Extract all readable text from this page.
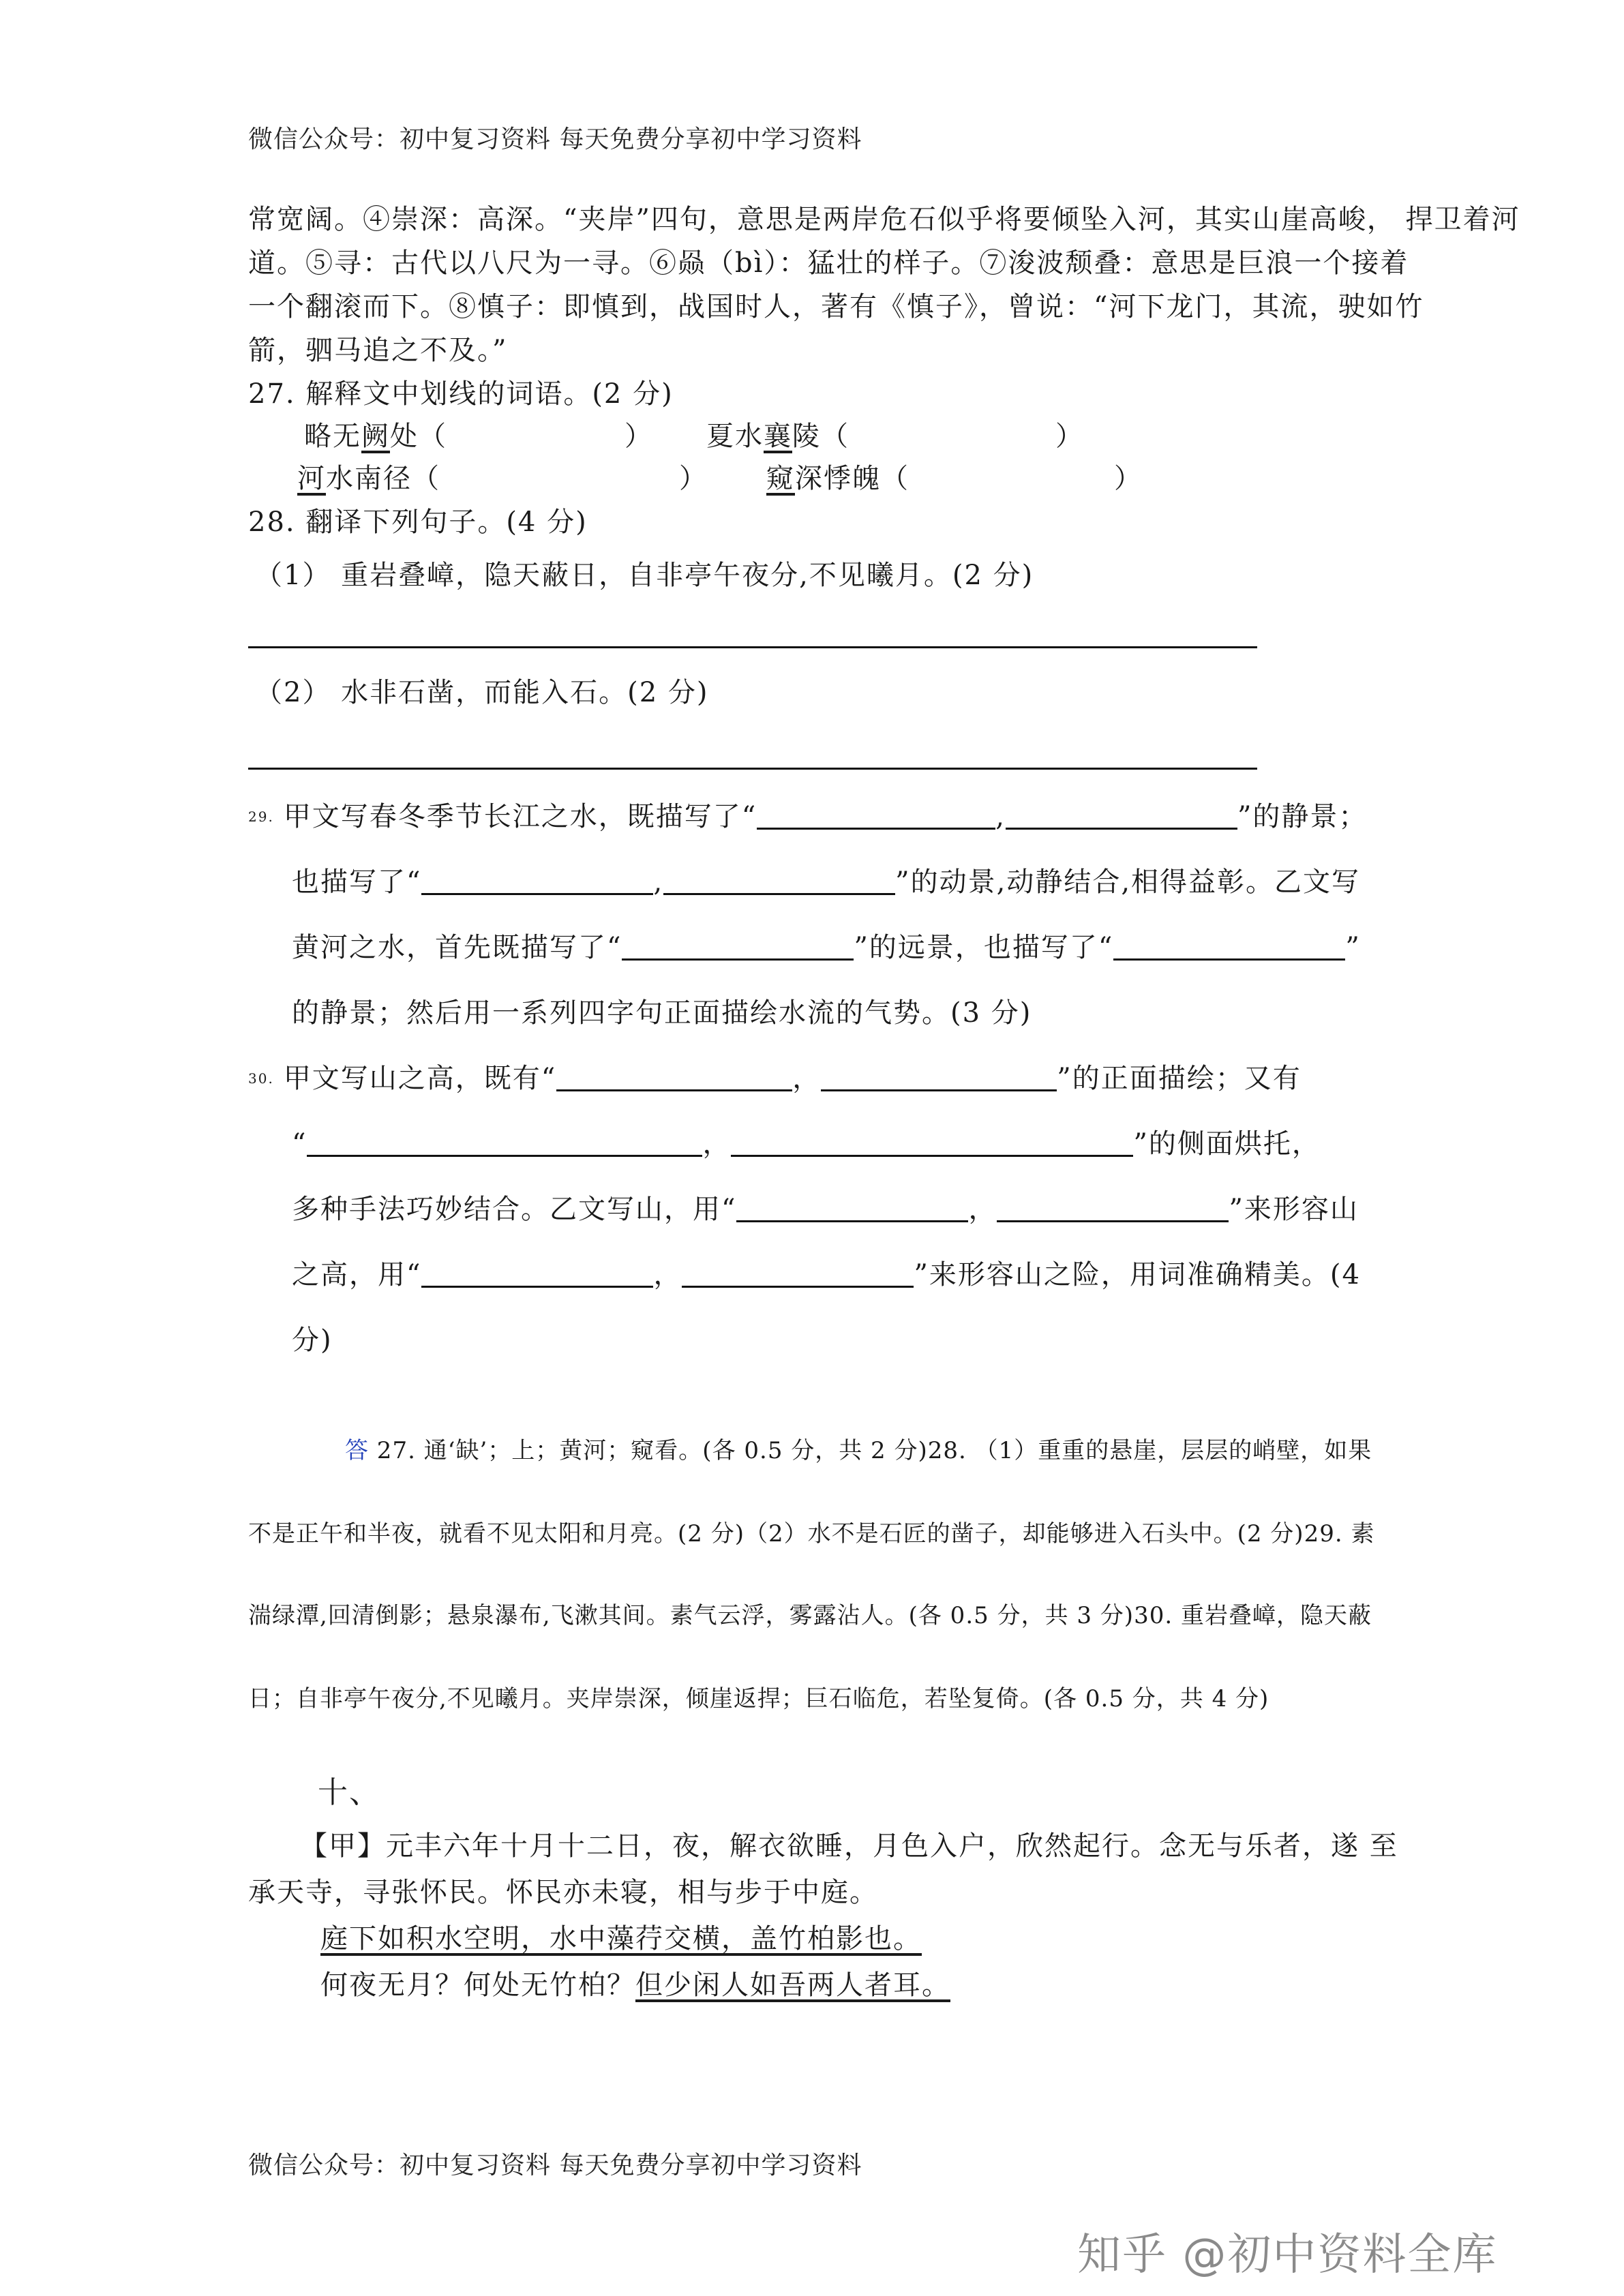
微信公众号：初中复习资料 每天免费分享初中学习资料
常宽阔。④崇深：高深。“夹岸”四句，意思是两岸危石似乎将要倾坠入河，其实山崖高峻， 捍卫着河
道。⑤寻：古代以八尺为一寻。⑥赑（bì）：猛壮的样子。⑦浚波颓叠：意思是巨浪一个接着
一个翻滚而下。⑧慎子：即慎到，战国时人，著有《慎子》，曾说：“河下龙门，其流，驶如竹
箭，驷马追之不及。”
27. 解释文中划线的词语。(2 分)
略无阙处（	） 夏水襄陵（	）
河水南径（	） 窥深悸魄（	）
28. 翻译下列句子。(4 分)
（1） 重岩叠嶂，隐天蔽日，自非亭午夜分,不见曦月。(2 分)
（2） 水非石凿，而能入石。(2 分)
29. 甲文写春冬季节长江之水，既描写了“	,	”的静景；
也描写了“	,	”的动景,动静结合,相得益彰。乙文写
黄河之水，首先既描写了“	”的远景，也描写了“	”
的静景；然后用一系列四字句正面描绘水流的气势。(3 分)
30. 甲文写山之高，既有“	，	”的正面描绘；又有
“	，	”的侧面烘托，
多种手法巧妙结合。乙文写山，用“	，	”来形容山
之高，用“	，	”来形容山之险，用词准确精美。(4
分)
答 27. 通‘缺’；上；黄河；窥看。(各 0.5 分，共 2 分)28. （1）重重的悬崖，层层的峭壁，如果
不是正午和半夜，就看不见太阳和月亮。(2 分)（2）水不是石匠的凿子，却能够进入石头中。(2 分)29. 素
湍绿潭,回清倒影；悬泉瀑布,飞漱其间。素气云浮，雾露沾人。(各 0.5 分，共 3 分)30. 重岩叠嶂，隐天蔽
日；自非亭午夜分,不见曦月。夹岸崇深，倾崖返捍；巨石临危，若坠复倚。(各 0.5 分，共 4 分)
十、
【甲】元丰六年十月十二日，夜，解衣欲睡，月色入户，欣然起行。念无与乐者，遂 至
承天寺，寻张怀民。怀民亦未寝，相与步于中庭。
庭下如积水空明，水中藻荇交横，盖竹柏影也。
何夜无月？何处无竹柏？但少闲人如吾两人者耳。
微信公众号：初中复习资料 每天免费分享初中学习资料
知乎 @初中资料全库
